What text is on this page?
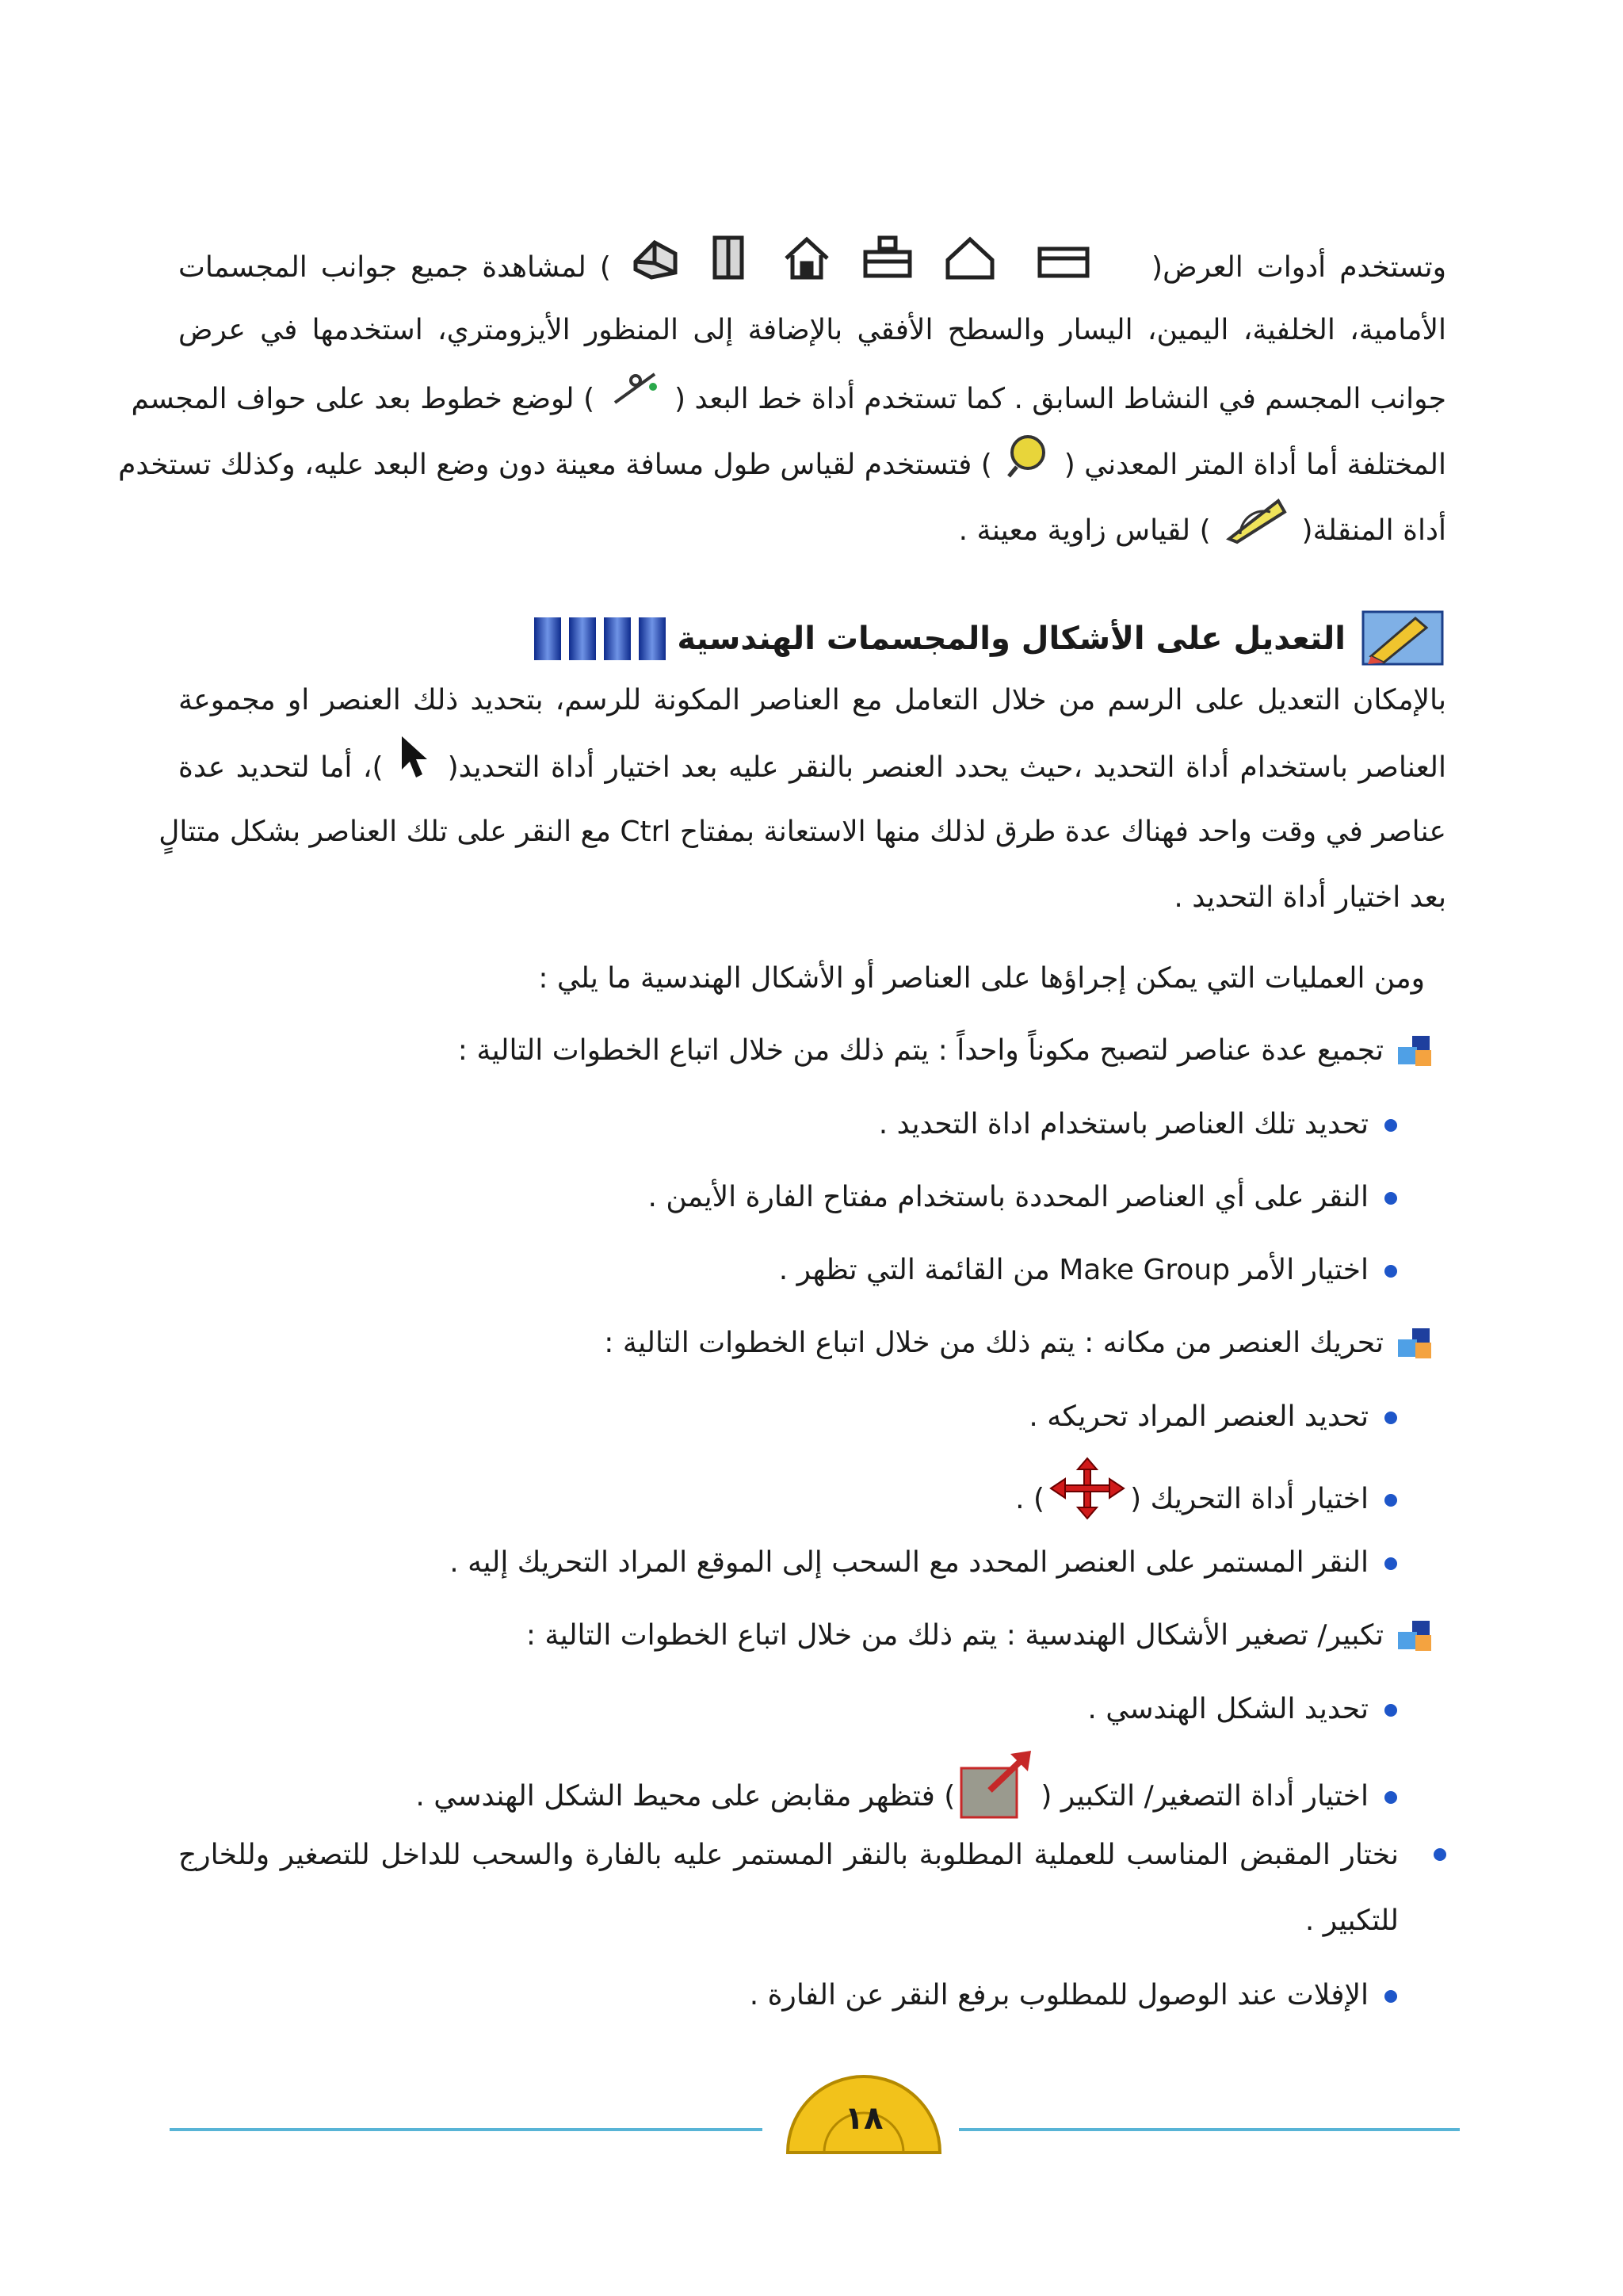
وتستخدم أدوات العرض(  ) لمشاهدة جميع جوانب المجسمات
الأمامية، الخلفية، اليمين، اليسار والسطح الأفقي بالإضافة إلى المنظور الأيزومتري، استخدمها في عرض
جوانب المجسم في النشاط السابق . كما تستخدم أداة خط البعد (  ) لوضع خطوط بعد على حواف المجسم
المختلفة أما أداة المتر المعدني (  ) فتستخدم لقياس طول مسافة معينة دون وضع البعد عليه، وكذلك تستخدم
أداة المنقلة(  ) لقياس زاوية معينة .
التعديل على الأشكال والمجسمات الهندسية
بالإمكان التعديل على الرسم من خلال التعامل مع العناصر المكونة للرسم، بتحديد ذلك العنصر او مجموعة
العناصر باستخدام أداة التحديد ،حيث يحدد العنصر بالنقر عليه بعد اختيار أداة التحديد(  )، أما لتحديد عدة
عناصر في وقت واحد فهناك عدة طرق لذلك منها الاستعانة بمفتاح Ctrl مع النقر على تلك العناصر بشكل متتالٍ
بعد اختيار أداة التحديد .
ومن العمليات التي يمكن إجراؤها على العناصر أو الأشكال الهندسية ما يلي :
تجميع عدة عناصر لتصبح مكوناً واحداً : يتم ذلك من خلال اتباع الخطوات التالية :
تحديد تلك العناصر باستخدام اداة التحديد .
النقر على أي العناصر المحددة باستخدام مفتاح الفارة الأيمن .
اختيار الأمر Make Group من القائمة التي تظهر .
تحريك العنصر من مكانه : يتم ذلك من خلال اتباع الخطوات التالية :
تحديد العنصر المراد تحريكه .
اختيار أداة التحريك () .
النقر المستمر على العنصر المحدد مع السحب إلى الموقع المراد التحريك إليه .
تكبير/ تصغير الأشكال الهندسية : يتم ذلك من خلال اتباع الخطوات التالية :
تحديد الشكل الهندسي .
اختيار أداة التصغير/ التكبير () فتظهر مقابض على محيط الشكل الهندسي .
نختار المقبض المناسب للعملية المطلوبة بالنقر المستمر عليه بالفارة والسحب للداخل للتصغير وللخارج
للتكبير .
الإفلات عند الوصول للمطلوب برفع النقر عن الفارة .
١٨
